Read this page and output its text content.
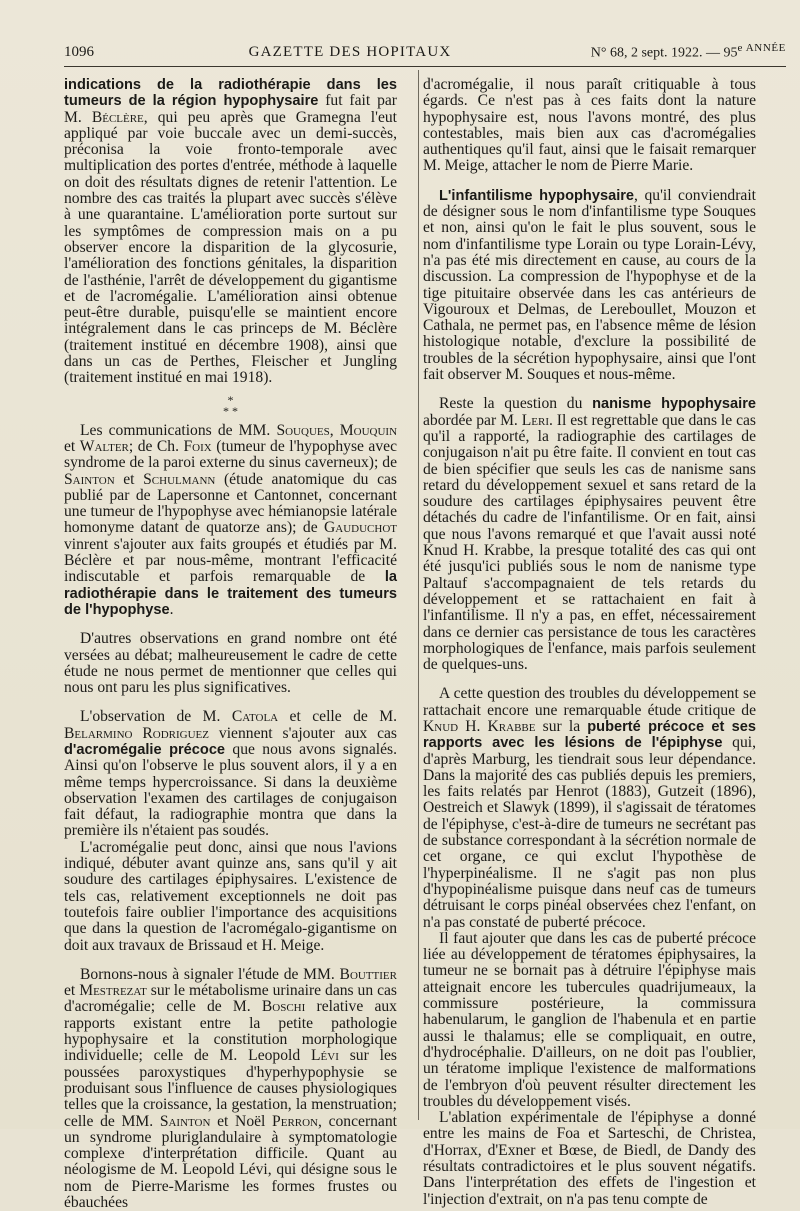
1096	GAZETTE DES HOPITAUX	N° 68, 2 sept. 1922. — $95^{e ANNÉE}$

indications de la radiothérapie dans les tumeurs de la région hypophysaire fut fait par M. Béclère, qui peu après que Gramegna l'eut appliqué par voie buccale avec un demi-succès, préconisa la voie fronto-temporale avec multiplication des portes d'entrée, méthode à laquelle on doit des résultats dignes de retenir l'attention. Le nombre des cas traités la plupart avec succès s'élève à une quarantaine. L'amélioration porte surtout sur les symptômes de compression mais on a pu observer encore la disparition de la glycosurie, l'amélioration des fonctions génitales, la disparition de l'asthénie, l'arrêt de développement du gigantisme et de l'acromégalie. L'amélioration ainsi obtenue peut-être durable, puisqu'elle se maintient encore intégralement dans le cas princeps de M. Béclère (traitement institué en décembre 1908), ainsi que dans un cas de Perthes, Fleischer et Jungling (traitement institué en mai 1918).

*
* *

Les communications de MM. Souques, Mouquin et Walter; de Ch. Foix (tumeur de l'hypophyse avec syndrome de la paroi externe du sinus caverneux); de Sainton et Schulmann (étude anatomique du cas publié par de Lapersonne et Cantonnet, concernant une tumeur de l'hypophyse avec hémianopsie latérale homonyme datant de quatorze ans); de Gauduchot vinrent s'ajouter aux faits groupés et étudiés par M. Béclère et par nous-même, montrant l'efficacité indiscutable et parfois remarquable de la radiothérapie dans le traitement des tumeurs de l'hypophyse.

D'autres observations en grand nombre ont été versées au débat; malheureusement le cadre de cette étude ne nous permet de mentionner que celles qui nous ont paru les plus significatives.

L'observation de M. Catola et celle de M. Belarmino Rodriguez viennent s'ajouter aux cas d'acromégalie précoce que nous avons signalés. Ainsi qu'on l'observe le plus souvent alors, il y a en même temps hypercroissance. Si dans la deuxième observation l'examen des cartilages de conjugaison fait défaut, la radiographie montra que dans la première ils n'étaient pas soudés.

L'acromégalie peut donc, ainsi que nous l'avions indiqué, débuter avant quinze ans, sans qu'il y ait soudure des cartilages épiphysaires. L'existence de tels cas, relativement exceptionnels ne doit pas toutefois faire oublier l'importance des acquisitions que dans la question de l'acromégalo-gigantisme on doit aux travaux de Brissaud et H. Meige.

Bornons-nous à signaler l'étude de MM. Bouttier et Mestrezat sur le métabolisme urinaire dans un cas d'acromégalie; celle de M. Boschi relative aux rapports existant entre la petite pathologie hypophysaire et la constitution morphologique individuelle; celle de M. Leopold Lévi sur les poussées paroxystiques d'hyperhypophysie se produisant sous l'influence de causes physiologiques telles que la croissance, la gestation, la menstruation; celle de MM. Sainton et Noël Perron, concernant un syndrome pluriglandulaire à symptomatologie complexe d'interprétation difficile. Quant au néologisme de M. Leopold Lévi, qui désigne sous le nom de Pierre-Marisme les formes frustes ou ébauchées

d'acromégalie, il nous paraît critiquable à tous égards. Ce n'est pas à ces faits dont la nature hypophysaire est, nous l'avons montré, des plus contestables, mais bien aux cas d'acromégalies authentiques qu'il faut, ainsi que le faisait remarquer M. Meige, attacher le nom de Pierre Marie.

L'infantilisme hypophysaire, qu'il conviendrait de désigner sous le nom d'infantilisme type Souques et non, ainsi qu'on le fait le plus souvent, sous le nom d'infantilisme type Lorain ou type Lorain-Lévy, n'a pas été mis directement en cause, au cours de la discussion. La compression de l'hypophyse et de la tige pituitaire observée dans les cas antérieurs de Vigouroux et Delmas, de Lereboullet, Mouzon et Cathala, ne permet pas, en l'absence même de lésion histologique notable, d'exclure la possibilité de troubles de la sécrétion hypophysaire, ainsi que l'ont fait observer M. Souques et nous-même.

Reste la question du nanisme hypophysaire abordée par M. Leri. Il est regrettable que dans le cas qu'il a rapporté, la radiographie des cartilages de conjugaison n'ait pu être faite. Il convient en tout cas de bien spécifier que seuls les cas de nanisme sans retard du développement sexuel et sans retard de la soudure des cartilages épiphysaires peuvent être détachés du cadre de l'infantilisme. Or en fait, ainsi que nous l'avons remarqué et que l'avait aussi noté Knud H. Krabbe, la presque totalité des cas qui ont été jusqu'ici publiés sous le nom de nanisme type Paltauf s'accompagnaient de tels retards du développement et se rattachaient en fait à l'infantilisme. Il n'y a pas, en effet, nécessairement dans ce dernier cas persistance de tous les caractères morphologiques de l'enfance, mais parfois seulement de quelques-uns.

A cette question des troubles du développement se rattachait encore une remarquable étude critique de Knud H. Krabbe sur la puberté précoce et ses rapports avec les lésions de l'épiphyse qui, d'après Marburg, les tiendrait sous leur dépendance. Dans la majorité des cas publiés depuis les premiers, les faits relatés par Henrot (1883), Gutzeit (1896), Oestreich et Slawyk (1899), il s'agissait de tératomes de l'épiphyse, c'est-à-dire de tumeurs ne secrétant pas de substance correspondant à la sécrétion normale de cet organe, ce qui exclut l'hypothèse de l'hyperpinéalisme. Il ne s'agit pas non plus d'hypopinéalisme puisque dans neuf cas de tumeurs détruisant le corps pinéal observées chez l'enfant, on n'a pas constaté de puberté précoce.

Il faut ajouter que dans les cas de puberté précoce liée au développement de tératomes épiphysaires, la tumeur ne se bornait pas à détruire l'épiphyse mais atteignait encore les tubercules quadrijumeaux, la commissure postérieure, la commissura habenularum, le ganglion de l'habenula et en partie aussi le thalamus; elle se compliquait, en outre, d'hydrocéphalie. D'ailleurs, on ne doit pas l'oublier, un tératome implique l'existence de malformations de l'embryon d'où peuvent résulter directement les troubles du développement visés.

L'ablation expérimentale de l'épiphyse a donné entre les mains de Foa et Sarteschi, de Christea, d'Horrax, d'Exner et Bœse, de Biedl, de Dandy des résultats contradictoires et le plus souvent négatifs. Dans l'interprétation des effets de l'ingestion et l'injection d'extrait, on n'a pas tenu compte de
